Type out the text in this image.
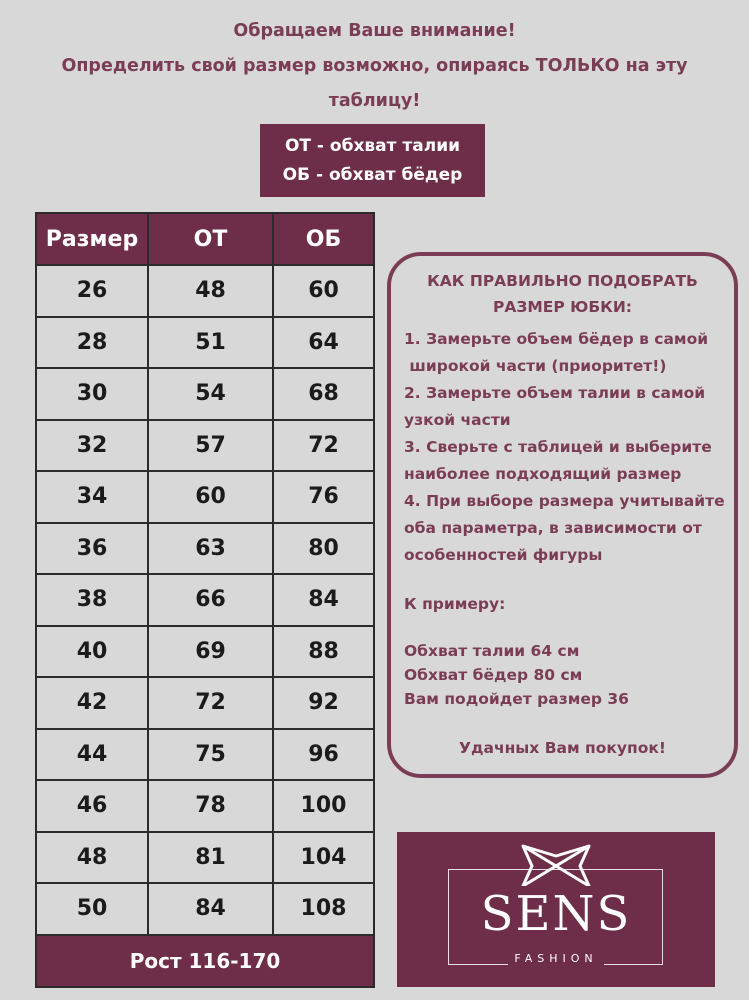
Обращаем Ваше внимание!
Определить свой размер возможно, опираясь ТОЛЬКО на эту
таблицу!
ОТ - обхват талии
ОБ - обхват бёдер
Размер	ОТ	ОБ
26	48	60
28	51	64
30	54	68
32	57	72
34	60	76
36	63	80
38	66	84
40	69	88
42	72	92
44	75	96
46	78	100
48	81	104
50	84	108
Рост 116-170		
КАК ПРАВИЛЬНО ПОДОБРАТЬ
РАЗМЕР ЮБКИ:
1. Замерьте объем бёдер в самой
широкой части (приоритет!)
2. Замерьте объем талии в самой
узкой части
3. Сверьте с таблицей и выберите
наиболее подходящий размер
4. При выборе размера учитывайте
оба параметра, в зависимости от
особенностей фигуры
К примеру:
Обхват талии 64 см
Обхват бёдер 80 см
Вам подойдет размер 36
Удачных Вам покупок!
SENS
FASHION
